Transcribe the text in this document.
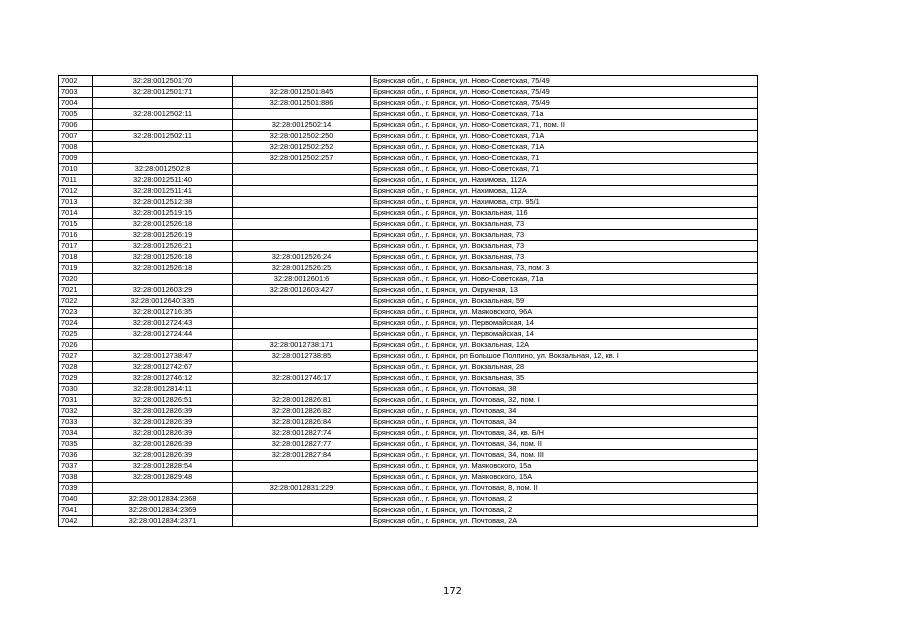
7002	32:28:0012501:70		Брянская обл., г. Брянск, ул. Ново-Советская, 75/49
7003	32:28:0012501:71	32:28:0012501:845	Брянская обл., г. Брянск, ул. Ново-Советская, 75/49
7004		32:28:0012501:886	Брянская обл., г. Брянск, ул. Ново-Советская, 75/49
7005	32:28:0012502:11		Брянская обл., г. Брянск, ул. Ново-Советская, 71а
7006		32:28:0012502:14	Брянская обл., г. Брянск, ул. Ново-Советская, 71, пом. II
7007	32:28:0012502:11	32:28:0012502:250	Брянская обл., г. Брянск, ул. Ново-Советская, 71А
7008		32:28:0012502:252	Брянская обл., г. Брянск, ул. Ново-Советская, 71А
7009		32:28:0012502:257	Брянская обл., г. Брянск, ул. Ново-Советская, 71
7010	32:28:0012502:8		Брянская обл., г. Брянск, ул. Ново-Советская, 71
7011	32:28:0012511:40		Брянская обл., г. Брянск, ул. Нахимова, 112А
7012	32:28:0012511:41		Брянская обл., г. Брянск, ул. Нахимова, 112А
7013	32:28:0012512:38		Брянская обл., г. Брянск, ул. Нахимова, стр. 95/1
7014	32:28:0012519:15		Брянская обл., г. Брянск, ул. Вокзальная, 116
7015	32:28:0012526:18		Брянская обл., г. Брянск, ул. Вокзальная, 73
7016	32:28:0012526:19		Брянская обл., г. Брянск, ул. Вокзальная, 73
7017	32:28:0012526:21		Брянская обл., г. Брянск, ул. Вокзальная, 73
7018	32:28:0012526:18	32:28:0012526:24	Брянская обл., г. Брянск, ул. Вокзальная, 73
7019	32:28:0012526:18	32:28:0012526:25	Брянская обл., г. Брянск, ул. Вокзальная, 73, пом. 3
7020		32:28:0012601:6	Брянская обл., г. Брянск, ул. Ново-Советская, 71а
7021	32:28:0012603:29	32:28:0012603:427	Брянская обл., г. Брянск, ул. Окружная, 13
7022	32:28:0012640:335		Брянская обл., г. Брянск, ул. Вокзальная, 59
7023	32:28:0012716:35		Брянская обл., г. Брянск, ул. Маяковского, 96А
7024	32:28:0012724:43		Брянская обл., г. Брянск, ул. Первомайская, 14
7025	32:28:0012724:44		Брянская обл., г. Брянск, ул. Первомайская, 14
7026		32:28:0012738:171	Брянская обл., г. Брянск, ул. Вокзальная, 12А
7027	32:28:0012738:47	32:28:0012738:85	Брянская обл., г. Брянск, рп Большое Полпино, ул. Вокзальная, 12, кв. I
7028	32:28:0012742:67		Брянская обл., г. Брянск, ул. Вокзальная, 28
7029	32:28:0012746:12	32:28:0012746:17	Брянская обл., г. Брянск, ул. Вокзальная, 35
7030	32:28:0012814:11		Брянская обл., г. Брянск, ул. Почтовая, 38
7031	32:28:0012826:51	32:28:0012826:81	Брянская обл., г. Брянск, ул. Почтовая, 32, пом. I
7032	32:28:0012826:39	32:28:0012826:82	Брянская обл., г. Брянск, ул. Почтовая, 34
7033	32:28:0012826:39	32:28:0012826:84	Брянская обл., г. Брянск, ул. Почтовая, 34
7034	32:28:0012826:39	32:28:0012827:74	Брянская обл., г. Брянск, ул. Почтовая, 34, кв. Б/Н
7035	32:28:0012826:39	32:28:0012827:77	Брянская обл., г. Брянск, ул. Почтовая, 34, пом. II
7036	32:28:0012826:39	32:28:0012827:84	Брянская обл., г. Брянск, ул. Почтовая, 34, пом. III
7037	32:28:0012828:54		Брянская обл., г. Брянск, ул. Маяковского, 15а
7038	32:28:0012829:48		Брянская обл., г. Брянск, ул. Маяковского, 15А
7039		32:28:0012831:229	Брянская обл., г. Брянск, ул. Почтовая, 8, пом. II
7040	32:28:0012834:2368		Брянская обл., г. Брянск, ул. Почтовая, 2
7041	32:28:0012834:2369		Брянская обл., г. Брянск, ул. Почтовая, 2
7042	32:28:0012834:2371		Брянская обл., г. Брянск, ул. Почтовая, 2А
172
